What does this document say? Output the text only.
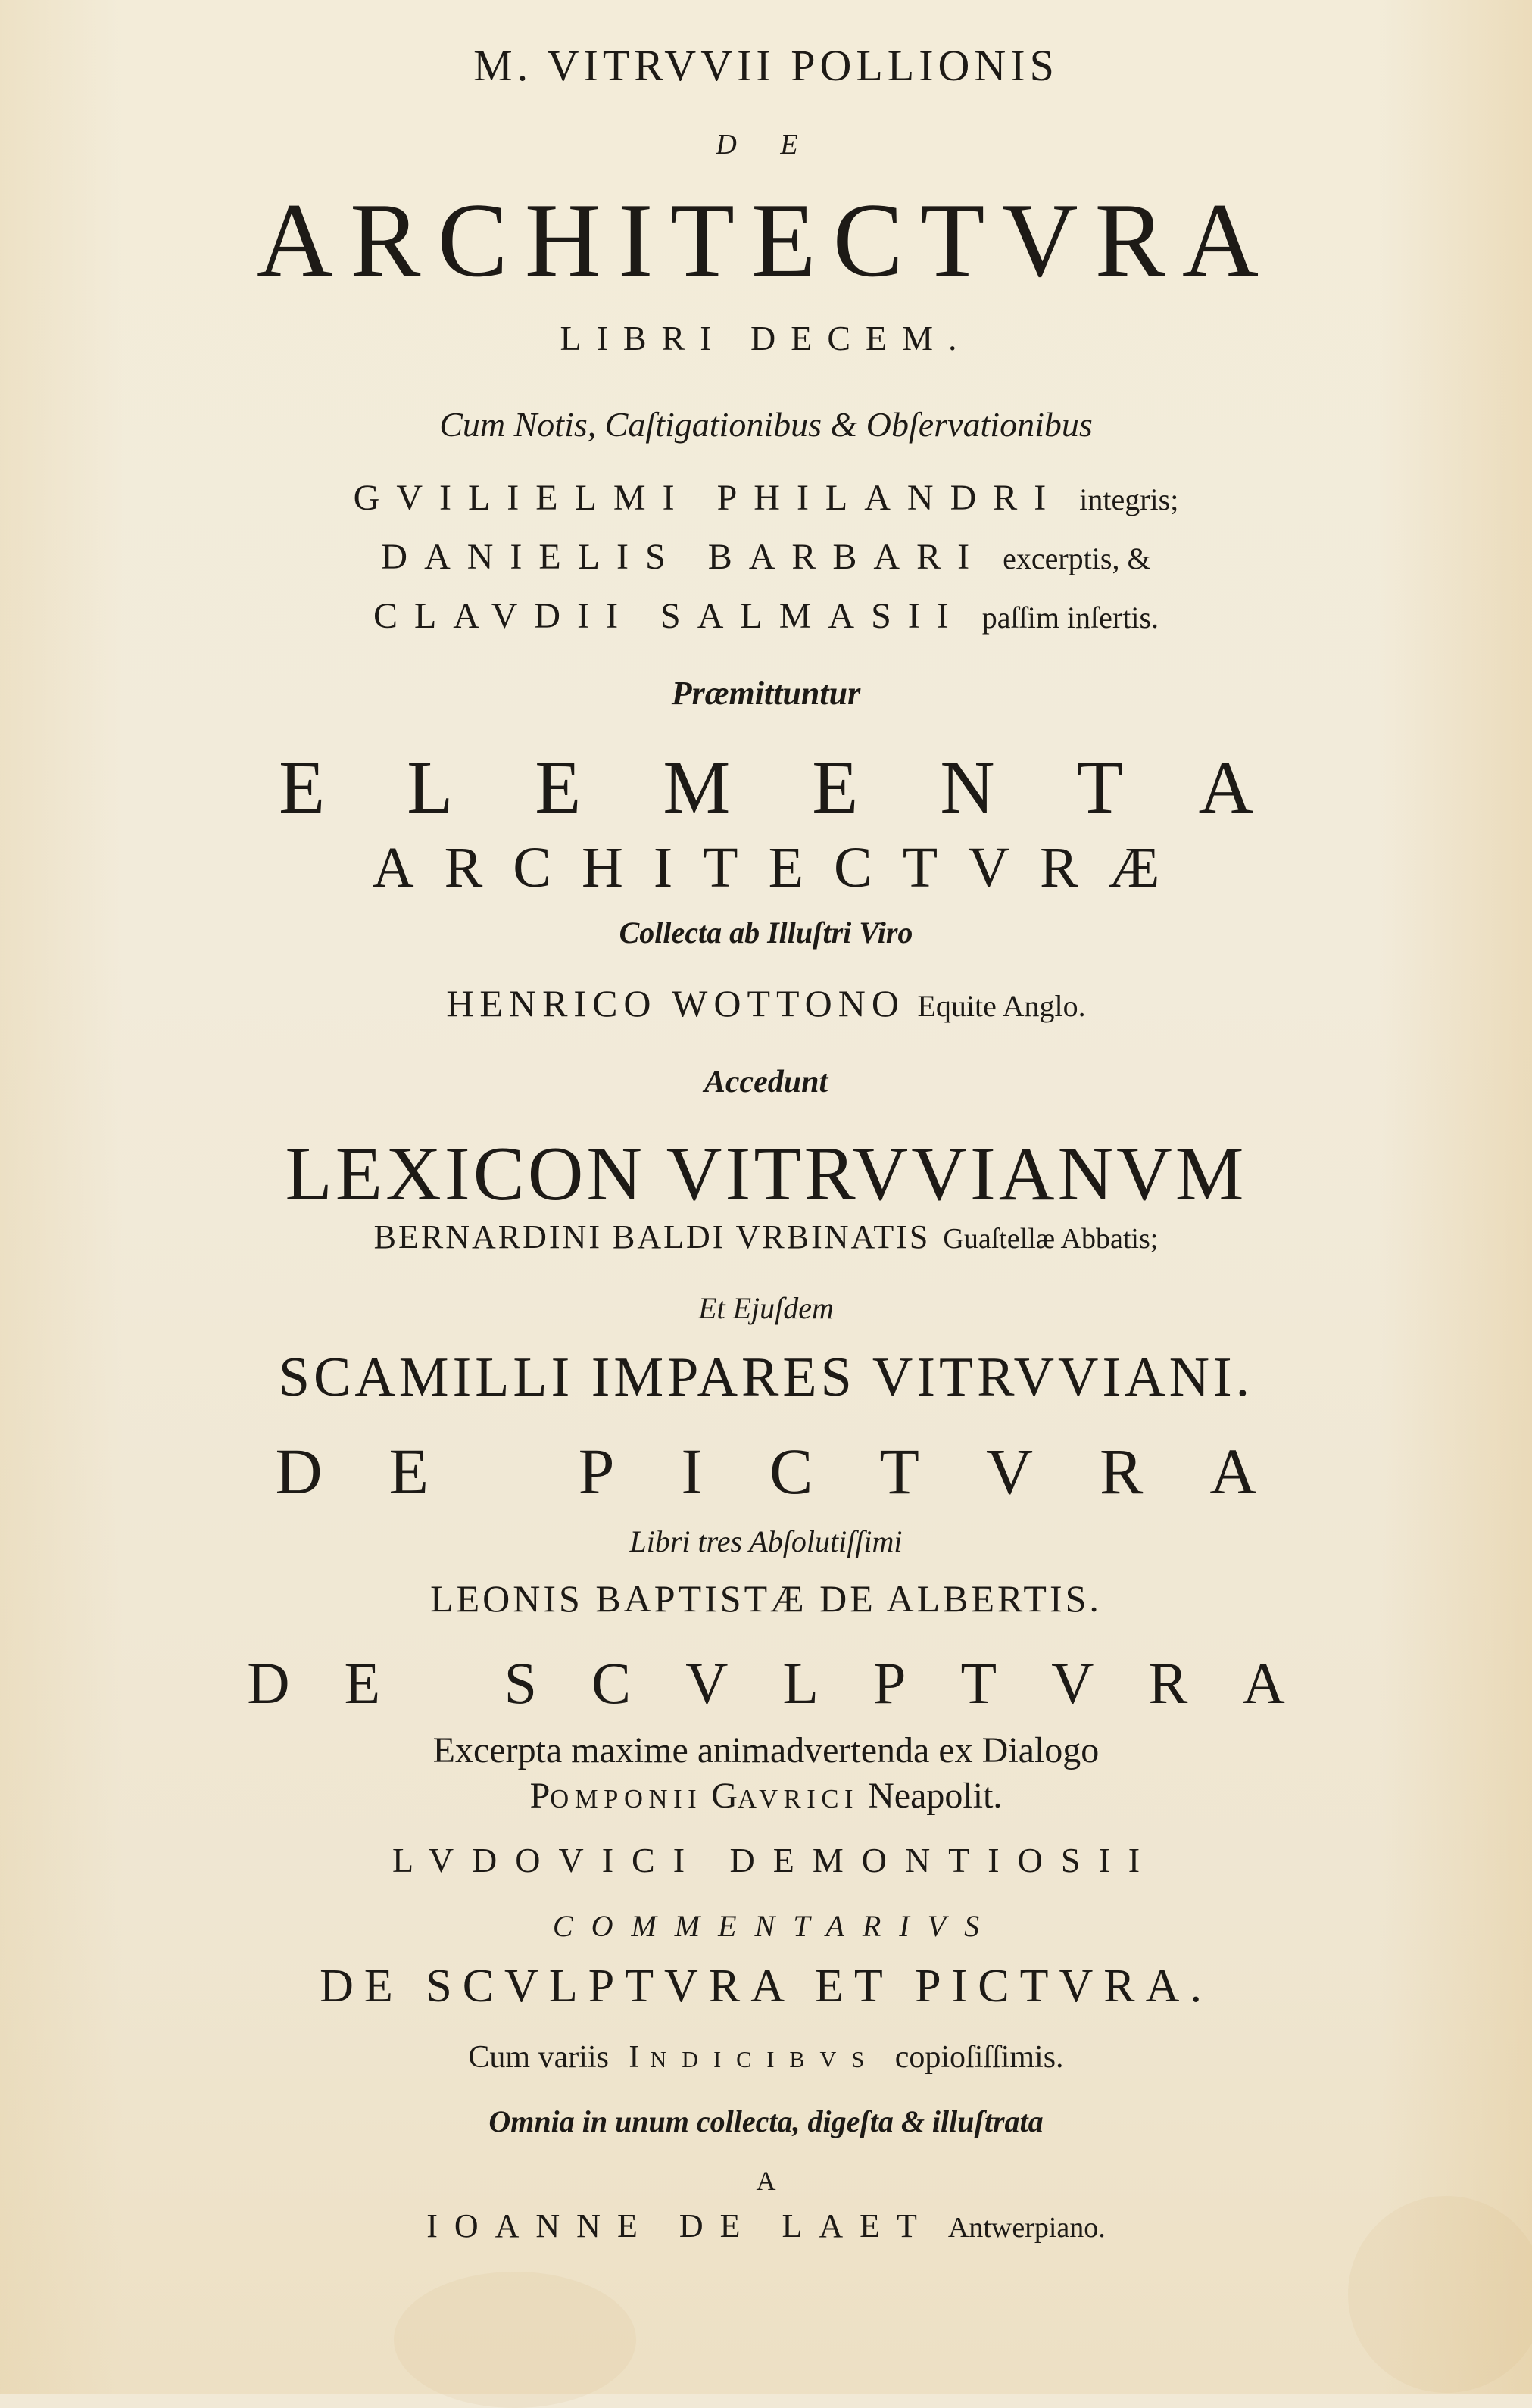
M. VITRVVII POLLIONIS
D E
ARCHITECTVRA
LIBRI DECEM.
Cum Notis, Caſtigationibus & Obſervationibus
GVILIELMI PHILANDRI integris;
DANIELIS BARBARI excerptis, &
CLAVDII SALMASII paſſim inſertis.
Præmittuntur
ELEMENTA
ARCHITECTVRÆ
Collecta ab Illuſtri Viro
HENRICO WOTTONO Equite Anglo.
Accedunt
LEXICON VITRVVIANVM
BERNARDINI BALDI VRBINATIS Guaſtellæ Abbatis;
Et Ejuſdem
SCAMILLI IMPARES VITRVVIANI.
DE PICTVRA
Libri tres Abſolutiſſimi
LEONIS BAPTISTÆ DE ALBERTIS.
DE SCVLPTVRA
Excerpta maxime animadvertenda ex Dialogo
POMPONII GAVRICI Neapolit.
LVDOVICI DEMONTIOSII
COMMENTARIVS
DE SCVLPTVRA ET PICTVRA.
Cum variis INDICIBVS copioſiſſimis.
Omnia in unum collecta, digeſta & illuſtrata
A
IOANNE DE LAET Antwerpiano.
